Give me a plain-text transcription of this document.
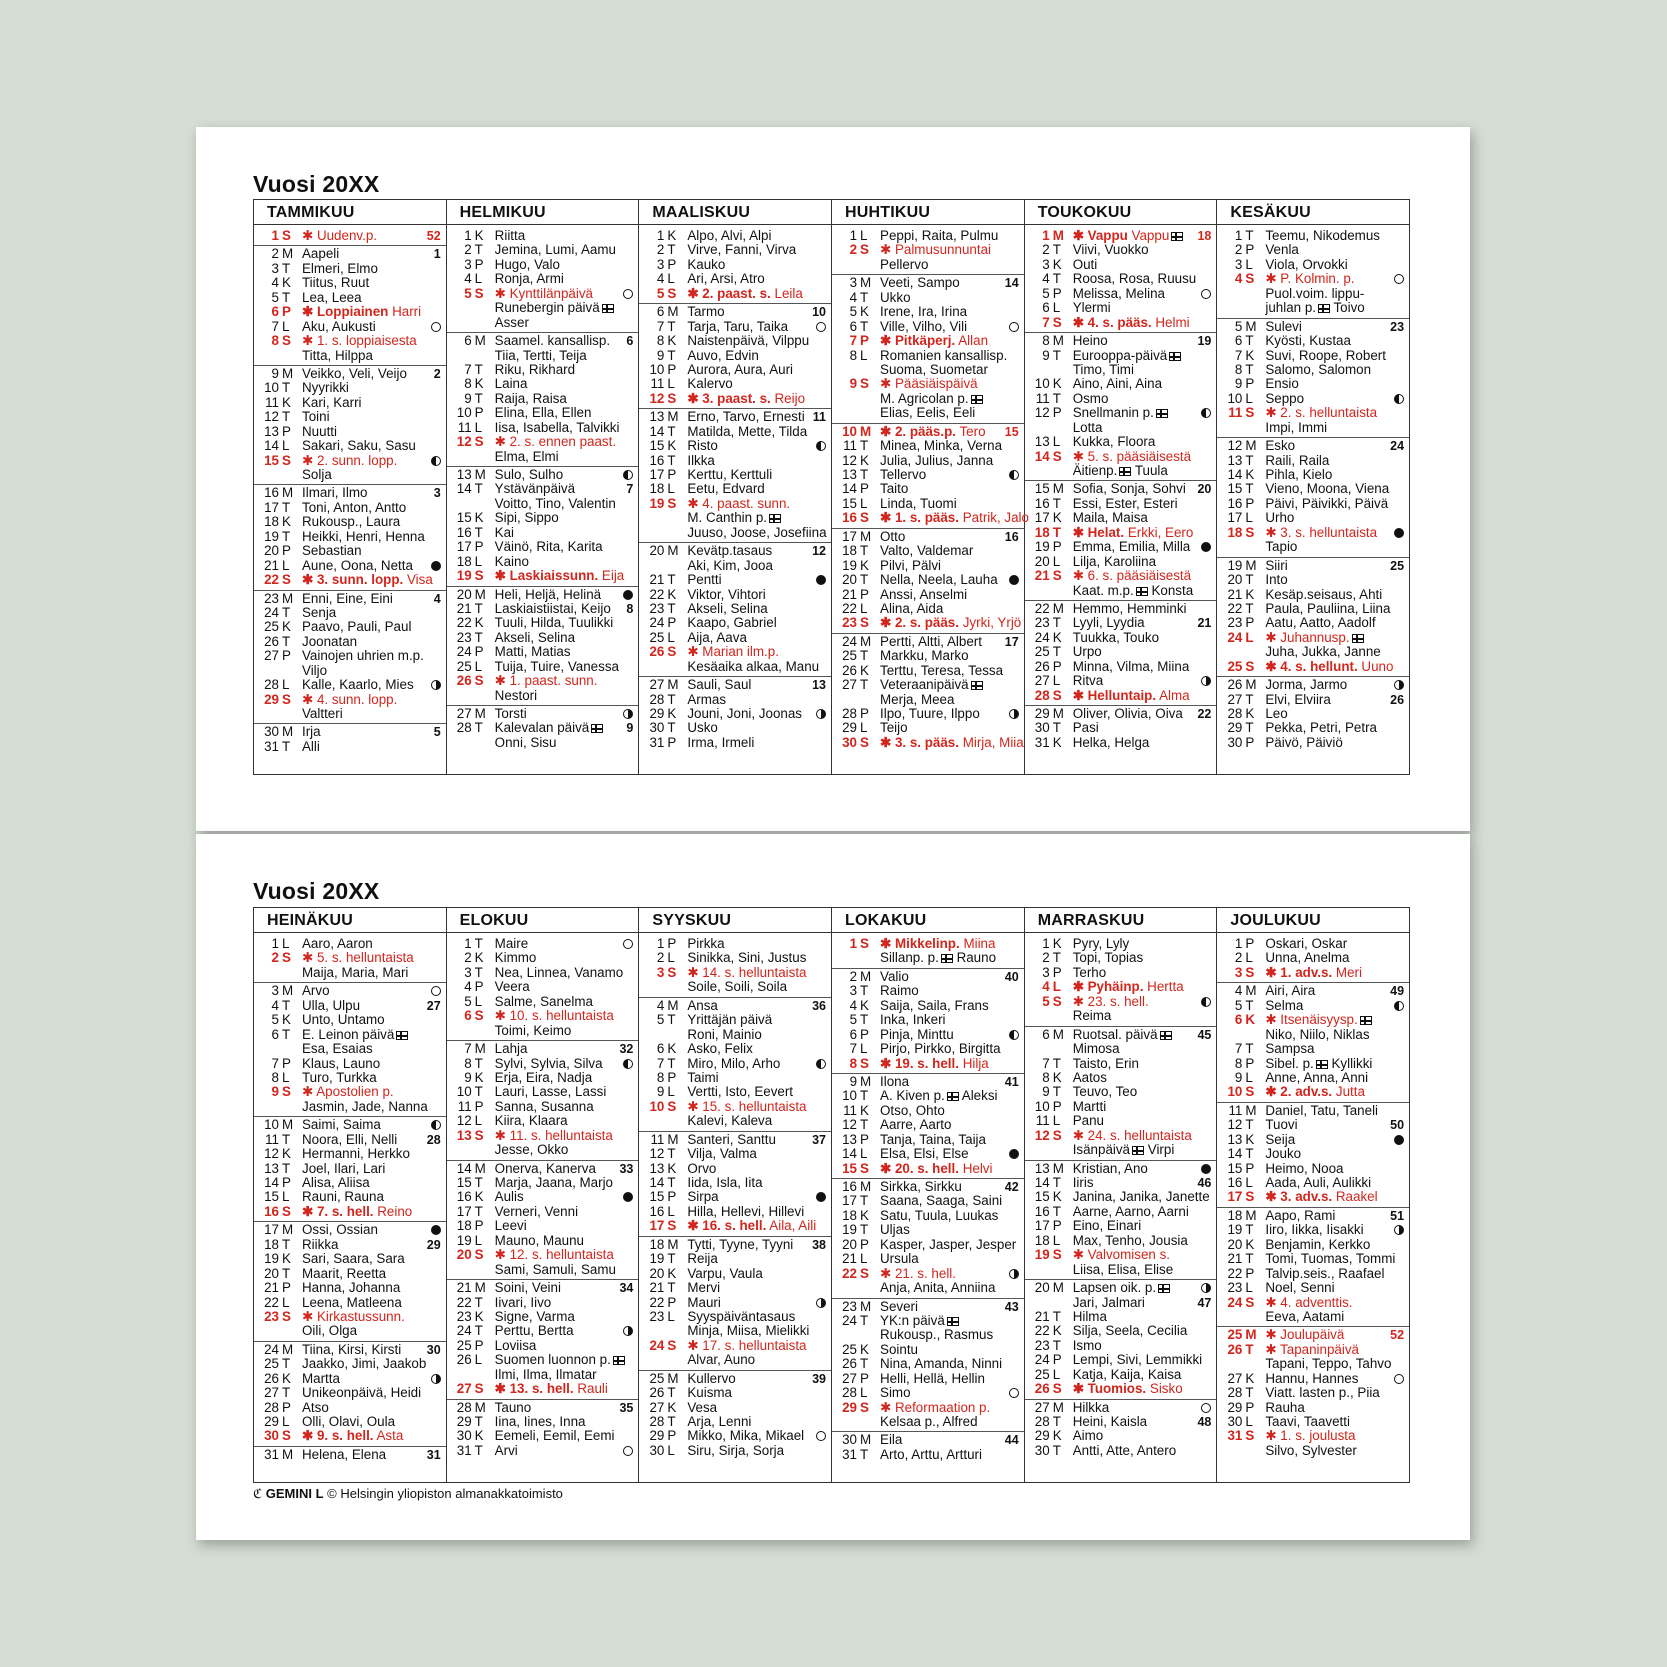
Vuosi 20XX
TAMMIKUU
1 S ✱ Uudenv.p.	52
2 M Aapeli	1
3 T Elmeri, Elmo
4 K Tiitus, Ruut
5 T Lea, Leea
6 P ✱ Loppiainen Harri
7 L Aku, Aukusti
8 S ✱ 1. s. loppiaisesta
Titta, Hilppa
9 M Veikko, Veli, Veijo	2
10 T Nyyrikki
11 K Kari, Karri
12 T Toini
13 P Nuutti
14 L Sakari, Saku, Sasu
15 S ✱ 2. sunn. lopp.
Solja
16 M Ilmari, Ilmo	3
17 T Toni, Anton, Antto
18 K Rukousp., Laura
19 T Heikki, Henri, Henna
20 P Sebastian
21 L Aune, Oona, Netta
22 S ✱ 3. sunn. lopp. Visa
23 M Enni, Eine, Eini	4
24 T Senja
25 K Paavo, Pauli, Paul
26 T Joonatan
27 P Vainojen uhrien m.p.
Viljo
28 L Kalle, Kaarlo, Mies
29 S ✱ 4. sunn. lopp.
Valtteri
30 M Irja	5
31 T Alli
HELMIKUU
1 K Riitta
2 T Jemina, Lumi, Aamu
3 P Hugo, Valo
4 L Ronja, Armi
5 S ✱ Kynttilänpäivä
Runebergin päivä
Asser
6 M Saamel. kansallisp.	6
Tiia, Tertti, Teija
7 T Riku, Rikhard
8 K Laina
9 T Raija, Raisa
10 P Elina, Ella, Ellen
11 L Iisa, Isabella, Talvikki
12 S ✱ 2. s. ennen paast.
Elma, Elmi
13 M Sulo, Sulho
14 T Ystävänpäivä	7
Voitto, Tino, Valentin
15 K Sipi, Sippo
16 T Kai
17 P Väinö, Rita, Karita
18 L Kaino
19 S ✱ Laskiaissunn. Eija
20 M Heli, Heljä, Helinä
21 T Laskiaistiistai, Keijo	8
22 K Tuuli, Hilda, Tuulikki
23 T Akseli, Selina
24 P Matti, Matias
25 L Tuija, Tuire, Vanessa
26 S ✱ 1. paast. sunn.
Nestori
27 M Torsti
28 T Kalevalan päivä	9
Onni, Sisu
MAALISKUU
1 K Alpo, Alvi, Alpi
2 T Virve, Fanni, Virva
3 P Kauko
4 L Ari, Arsi, Atro
5 S ✱ 2. paast. s. Leila
6 M Tarmo	10
7 T Tarja, Taru, Taika
8 K Naistenpäivä, Vilppu
9 T Auvo, Edvin
10 P Aurora, Aura, Auri
11 L Kalervo
12 S ✱ 3. paast. s. Reijo
13 M Erno, Tarvo, Ernesti 11
14 T Matilda, Mette, Tilda
15 K Risto
16 T Ilkka
17 P Kerttu, Kerttuli
18 L Eetu, Edvard
19 S ✱ 4. paast. sunn.
M. Canthin p.
Juuso, Joose, Josefiina
20 M Kevätp.tasaus	12
Aki, Kim, Jooa
21 T Pentti
22 K Viktor, Vihtori
23 T Akseli, Selina
24 P Kaapo, Gabriel
25 L Aija, Aava
26 S ✱ Marian ilm.p.
Kesäaika alkaa, Manu
27 M Sauli, Saul	13
28 T Armas
29 K Jouni, Joni, Joonas
30 T Usko
31 P Irma, Irmeli
HUHTIKUU
1 L Peppi, Raita, Pulmu
2 S ✱ Palmusunnuntai
Pellervo
3 M Veeti, Sampo	14
4 T Ukko
5 K Irene, Ira, Irina
6 T Ville, Vilho, Vili
7 P ✱ Pitkäperj. Allan
8 L Romanien kansallisp.
Suoma, Suometar
9 S ✱ Pääsiäispäivä
M. Agricolan p.
Elias, Eelis, Eeli
10 M ✱ 2. pääs.p. Tero	15
11 T Minea, Minka, Verna
12 K Julia, Julius, Janna
13 T Tellervo
14 P Taito
15 L Linda, Tuomi
16 S ✱ 1. s. pääs. Patrik, Jalo
17 M Otto	16
18 T Valto, Valdemar
19 K Pilvi, Pälvi
20 T Nella, Neela, Lauha
21 P Anssi, Anselmi
22 L Alina, Aida
23 S ✱ 2. s. pääs. Jyrki, Yrjö
24 M Pertti, Altti, Albert	17
25 T Markku, Marko
26 K Terttu, Teresa, Tessa
27 T Veteraanipäivä
Merja, Meea
28 P Ilpo, Tuure, Ilppo
29 L Teijo
30 S ✱ 3. s. pääs. Mirja, Miia
TOUKOKUU
1 M ✱ Vappu Vappu	18
2 T Viivi, Vuokko
3 K Outi
4 T Roosa, Rosa, Ruusu
5 P Melissa, Melina
6 L Ylermi
7 S ✱ 4. s. pääs. Helmi
8 M Heino	19
9 T Eurooppa-päivä
Timo, Timi
10 K Aino, Aini, Aina
11 T Osmo
12 P Snellmanin p.
Lotta
13 L Kukka, Floora
14 S ✱ 5. s. pääsiäisestä
Äitienp. Tuula
15 M Sofia, Sonja, Sohvi 20
16 T Essi, Ester, Esteri
17 K Maila, Maisa
18 T ✱ Helat. Erkki, Eero
19 P Emma, Emilia, Milla
20 L Lilja, Karoliina
21 S ✱ 6. s. pääsiäisestä
Kaat. m.p. Konsta
22 M Hemmo, Hemminki
23 T Lyyli, Lyydia	21
24 K Tuukka, Touko
25 T Urpo
26 P Minna, Vilma, Miina
27 L Ritva
28 S ✱ Helluntaip. Alma
29 M Oliver, Olivia, Oiva	22
30 T Pasi
31 K Helka, Helga
KESÄKUU
1 T Teemu, Nikodemus
2 P Venla
3 L Viola, Orvokki
4 S ✱ P. Kolmin. p.
Puol.voim. lippu-
juhlan p. Toivo
5 M Sulevi	23
6 T Kyösti, Kustaa
7 K Suvi, Roope, Robert
8 T Salomo, Salomon
9 P Ensio
10 L Seppo
11 S ✱ 2. s. helluntaista
Impi, Immi
12 M Esko	24
13 T Raili, Raila
14 K Pihla, Kielo
15 T Vieno, Moona, Viena
16 P Päivi, Päivikki, Päivä
17 L Urho
18 S ✱ 3. s. helluntaista
Tapio
19 M Siiri	25
20 T Into
21 K Kesäp.seisaus, Ahti
22 T Paula, Pauliina, Liina
23 P Aatu, Aatto, Aadolf
24 L ✱ Juhannusp.
Juha, Jukka, Janne
25 S ✱ 4. s. hellunt. Uuno
26 M Jorma, Jarmo
27 T Elvi, Elviira	26
28 K Leo
29 T Pekka, Petri, Petra
30 P Päivö, Päiviö
Vuosi 20XX
HEINÄKUU
1 L Aaro, Aaron
2 S ✱ 5. s. helluntaista
Maija, Maria, Mari
3 M Arvo
4 T Ulla, Ulpu	27
5 K Unto, Untamo
6 T E. Leinon päivä
Esa, Esaias
7 P Klaus, Launo
8 L Turo, Turkka
9 S ✱ Apostolien p.
Jasmin, Jade, Nanna
10 M Saimi, Saima
11 T Noora, Elli, Nelli	28
12 K Hermanni, Herkko
13 T Joel, Ilari, Lari
14 P Alisa, Aliisa
15 L Rauni, Rauna
16 S ✱ 7. s. hell. Reino
17 M Ossi, Ossian
18 T Riikka	29
19 K Sari, Saara, Sara
20 T Maarit, Reetta
21 P Hanna, Johanna
22 L Leena, Matleena
23 S ✱ Kirkastussunn.
Oili, Olga
24 M Tiina, Kirsi, Kirsti	30
25 T Jaakko, Jimi, Jaakob
26 K Martta
27 T Unikeonpäivä, Heidi
28 P Atso
29 L Olli, Olavi, Oula
30 S ✱ 9. s. hell. Asta
31 M Helena, Elena	31
ELOKUU
1 T Maire
2 K Kimmo
3 T Nea, Linnea, Vanamo
4 P Veera
5 L Salme, Sanelma
6 S ✱ 10. s. helluntaista
Toimi, Keimo
7 M Lahja	32
8 T Sylvi, Sylvia, Silva
9 K Erja, Eira, Nadja
10 T Lauri, Lasse, Lassi
11 P Sanna, Susanna
12 L Kiira, Klaara
13 S ✱ 11. s. helluntaista
Jesse, Okko
14 M Onerva, Kanerva	33
15 T Marja, Jaana, Marjo
16 K Aulis
17 T Verneri, Venni
18 P Leevi
19 L Mauno, Maunu
20 S ✱ 12. s. helluntaista
Sami, Samuli, Samu
21 M Soini, Veini	34
22 T Iivari, Iivo
23 K Signe, Varma
24 T Perttu, Bertta
25 P Loviisa
26 L Suomen luonnon p.
Ilmi, Ilma, Ilmatar
27 S ✱ 13. s. hell. Rauli
28 M Tauno	35
29 T Iina, Iines, Inna
30 K Eemeli, Eemil, Eemi
31 T Arvi
SYYSKUU
1 P Pirkka
2 L Sinikka, Sini, Justus
3 S ✱ 14. s. helluntaista
Soile, Soili, Soila
4 M Ansa	36
5 T Yrittäjän päivä
Roni, Mainio
6 K Asko, Felix
7 T Miro, Milo, Arho
8 P Taimi
9 L Vertti, Isto, Eevert
10 S ✱ 15. s. helluntaista
Kalevi, Kaleva
11 M Santeri, Santtu	37
12 T Vilja, Valma
13 K Orvo
14 T Iida, Isla, Iita
15 P Sirpa
16 L Hilla, Hellevi, Hillevi
17 S ✱ 16. s. hell. Aila, Aili
18 M Tytti, Tyyne, Tyyni	38
19 T Reija
20 K Varpu, Vaula
21 T Mervi
22 P Mauri
23 L Syyspäiväntasaus
Minja, Miisa, Mielikki
24 S ✱ 17. s. helluntaista
Alvar, Auno
25 M Kullervo	39
26 T Kuisma
27 K Vesa
28 T Arja, Lenni
29 P Mikko, Mika, Mikael
30 L Siru, Sirja, Sorja
LOKAKUU
1 S ✱ Mikkelinp. Miina
Sillanp. p. Rauno
2 M Valio	40
3 T Raimo
4 K Saija, Saila, Frans
5 T Inka, Inkeri
6 P Pinja, Minttu
7 L Pirjo, Pirkko, Birgitta
8 S ✱ 19. s. hell. Hilja
9 M Ilona	41
10 T A. Kiven p. Aleksi
11 K Otso, Ohto
12 T Aarre, Aarto
13 P Tanja, Taina, Taija
14 L Elsa, Elsi, Else
15 S ✱ 20. s. hell. Helvi
16 M Sirkka, Sirkku	42
17 T Saana, Saaga, Saini
18 K Satu, Tuula, Luukas
19 T Uljas
20 P Kasper, Jasper, Jesper
21 L Ursula
22 S ✱ 21. s. hell.
Anja, Anita, Anniina
23 M Severi	43
24 T YK:n päivä
Rukousp., Rasmus
25 K Sointu
26 T Nina, Amanda, Ninni
27 P Helli, Hellä, Hellin
28 L Simo
29 S ✱ Reformaation p.
Kelsaa p., Alfred
30 M Eila	44
31 T Arto, Arttu, Artturi
MARRASKUU
1 K Pyry, Lyly
2 T Topi, Topias
3 P Terho
4 L ✱ Pyhäinp. Hertta
5 S ✱ 23. s. hell.
Reima
6 M Ruotsal. päivä	45
Mimosa
7 T Taisto, Erin
8 K Aatos
9 T Teuvo, Teo
10 P Martti
11 L Panu
12 S ✱ 24. s. helluntaista
Isänpäivä Virpi
13 M Kristian, Ano
14 T Iiris	46
15 K Janina, Janika, Janette
16 T Aarne, Aarno, Aarni
17 P Eino, Einari
18 L Max, Tenho, Jousia
19 S ✱ Valvomisen s.
Liisa, Elisa, Elise
20 M Lapsen oik. p.
Jari, Jalmari	47
21 T Hilma
22 K Silja, Seela, Cecilia
23 T Ismo
24 P Lempi, Sivi, Lemmikki
25 L Katja, Kaija, Kaisa
26 S ✱ Tuomios. Sisko
27 M Hilkka
28 T Heini, Kaisla	48
29 K Aimo
30 T Antti, Atte, Antero
JOULUKUU
1 P Oskari, Oskar
2 L Unna, Anelma
3 S ✱ 1. adv.s. Meri
4 M Airi, Aira	49
5 T Selma
6 K ✱ Itsenäisyysp.
Niko, Niilo, Niklas
7 T Sampsa
8 P Sibel. p. Kyllikki
9 L Anne, Anna, Anni
10 S ✱ 2. adv.s. Jutta
11 M Daniel, Tatu, Taneli
12 T Tuovi	50
13 K Seija
14 T Jouko
15 P Heimo, Nooa
16 L Aada, Auli, Aulikki
17 S ✱ 3. adv.s. Raakel
18 M Aapo, Rami	51
19 T Iiro, Iikka, Iisakki
20 K Benjamin, Kerkko
21 T Tomi, Tuomas, Tommi
22 P Talvip.seis., Raafael
23 L Noel, Senni
24 S ✱ 4. adventtis.
Eeva, Aatami
25 M ✱ Joulupäivä	52
26 T ✱ Tapaninpäivä
Tapani, Teppo, Tahvo
27 K Hannu, Hannes
28 T Viatt. lasten p., Piia
29 P Rauha
30 L Taavi, Taavetti
31 S ✱ 1. s. joulusta
Silvo, Sylvester
ℭ GEMINI L © Helsingin yliopiston almanakkatoimisto
